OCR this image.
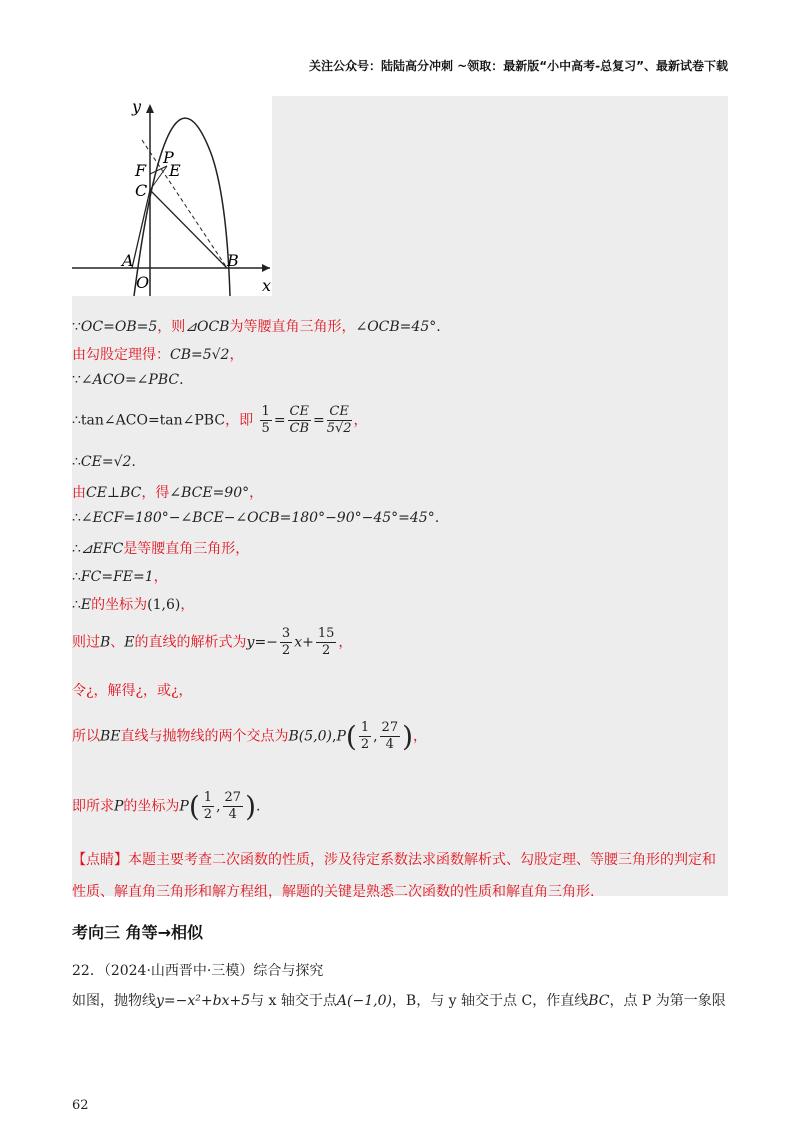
关注公众号：陆陆高分冲刺 ~领取：最新版“小中高考-总复习”、最新试卷下载
y
x
O
A	B
C
F
P
E
∵OC=OB=5，则⊿OCB为等腰直角三角形，∠OCB=45°.
由勾股定理得：CB=5√2，
∵∠ACO=∠PBC.
∴tan∠ACO=tan∠PBC，即 $\frac{1}{5} = \frac{CE}{CB} = \frac{CE}{5√2}$ ，
∴CE=√2.
由CE⊥BC，得∠BCE=90°，
∴∠ECF=180°−∠BCE−∠OCB=180°−90°−45°=45°.
∴⊿EFC是等腰直角三角形，
∴FC=FE=1，
∴E的坐标为(1,6)，
则过B、E的直线的解析式为$y=- \frac{3}{2} x+ \frac{15}{2}$ ，
令¿，解得¿，或¿，
所以BE直线与抛物线的两个交点为$B(5,0),P( \frac{1}{2}$ , $\frac{27}{4}$ )，
即所求P的坐标为$P( \frac{1}{2}$ , $\frac{27}{4}$ ).
【点睛】本题主要考查二次函数的性质，涉及待定系数法求函数解析式、勾股定理、等腰三角形的判定和性质、解直角三角形和解方程组，解题的关键是熟悉二次函数的性质和解直角三角形.
考向三 角等→相似
22．（2024·山西晋中·三模）综合与探究
如图，抛物线y=−x²+bx+5与 x 轴交于点A(−1,0)，B，与 y 轴交于点 C，作直线BC，点 P 为第一象限
62
